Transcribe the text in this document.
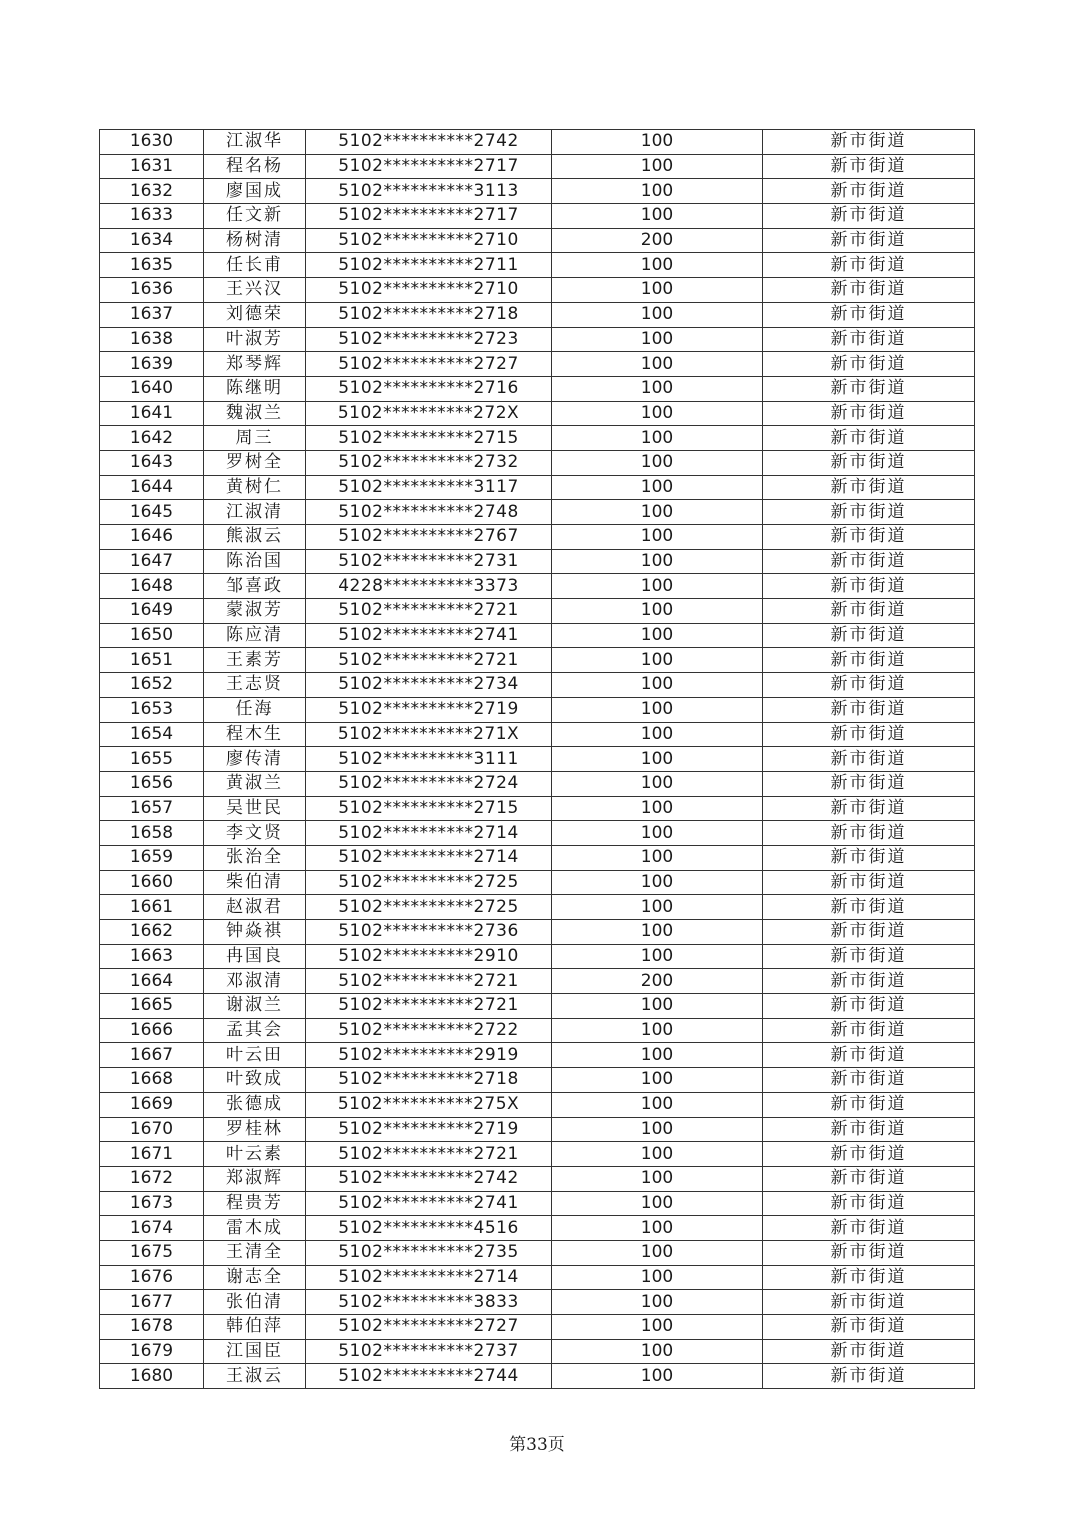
1630	江淑华	5102**********2742	100	新市街道
1631	程名杨	5102**********2717	100	新市街道
1632	廖国成	5102**********3113	100	新市街道
1633	任文新	5102**********2717	100	新市街道
1634	杨树清	5102**********2710	200	新市街道
1635	任长甫	5102**********2711	100	新市街道
1636	王兴汉	5102**********2710	100	新市街道
1637	刘德荣	5102**********2718	100	新市街道
1638	叶淑芳	5102**********2723	100	新市街道
1639	郑琴辉	5102**********2727	100	新市街道
1640	陈继明	5102**********2716	100	新市街道
1641	魏淑兰	5102**********272X	100	新市街道
1642	周三	5102**********2715	100	新市街道
1643	罗树全	5102**********2732	100	新市街道
1644	黄树仁	5102**********3117	100	新市街道
1645	江淑清	5102**********2748	100	新市街道
1646	熊淑云	5102**********2767	100	新市街道
1647	陈治国	5102**********2731	100	新市街道
1648	邹喜政	4228**********3373	100	新市街道
1649	蒙淑芳	5102**********2721	100	新市街道
1650	陈应清	5102**********2741	100	新市街道
1651	王素芳	5102**********2721	100	新市街道
1652	王志贤	5102**********2734	100	新市街道
1653	任海	5102**********2719	100	新市街道
1654	程木生	5102**********271X	100	新市街道
1655	廖传清	5102**********3111	100	新市街道
1656	黄淑兰	5102**********2724	100	新市街道
1657	吴世民	5102**********2715	100	新市街道
1658	李文贤	5102**********2714	100	新市街道
1659	张治全	5102**********2714	100	新市街道
1660	柴伯清	5102**********2725	100	新市街道
1661	赵淑君	5102**********2725	100	新市街道
1662	钟焱祺	5102**********2736	100	新市街道
1663	冉国良	5102**********2910	100	新市街道
1664	邓淑清	5102**********2721	200	新市街道
1665	谢淑兰	5102**********2721	100	新市街道
1666	孟其会	5102**********2722	100	新市街道
1667	叶云田	5102**********2919	100	新市街道
1668	叶致成	5102**********2718	100	新市街道
1669	张德成	5102**********275X	100	新市街道
1670	罗桂林	5102**********2719	100	新市街道
1671	叶云素	5102**********2721	100	新市街道
1672	郑淑辉	5102**********2742	100	新市街道
1673	程贵芳	5102**********2741	100	新市街道
1674	雷木成	5102**********4516	100	新市街道
1675	王清全	5102**********2735	100	新市街道
1676	谢志全	5102**********2714	100	新市街道
1677	张伯清	5102**********3833	100	新市街道
1678	韩伯萍	5102**********2727	100	新市街道
1679	江国臣	5102**********2737	100	新市街道
1680	王淑云	5102**********2744	100	新市街道
第33页
